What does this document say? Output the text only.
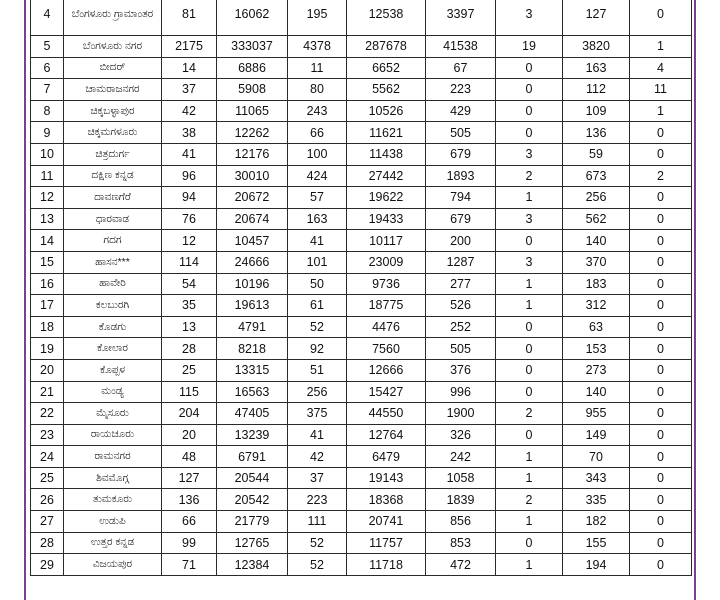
4	ಬೆಂಗಳೂರು ಗ್ರಾಮಾಂತರ	81	16062	195	12538	3397	3	127	0
5	ಬೆಂಗಳೂರು ನಗರ	2175	333037	4378	287678	41538	19	3820	1
6	ಬೀದರ್	14	6886	11	6652	67	0	163	4
7	ಚಾಮರಾಜನಗರ	37	5908	80	5562	223	0	112	11
8	ಚಿಕ್ಕಬಳ್ಳಾಪುರ	42	11065	243	10526	429	0	109	1
9	ಚಿಕ್ಕಮಗಳೂರು	38	12262	66	11621	505	0	136	0
10	ಚಿತ್ರದುರ್ಗ	41	12176	100	11438	679	3	59	0
11	ದಕ್ಷಿಣ ಕನ್ನಡ	96	30010	424	27442	1893	2	673	2
12	ದಾವಣಗೆರೆ	94	20672	57	19622	794	1	256	0
13	ಧಾರವಾಡ	76	20674	163	19433	679	3	562	0
14	ಗದಗ	12	10457	41	10117	200	0	140	0
15	ಹಾಸನ***	114	24666	101	23009	1287	3	370	0
16	ಹಾವೇರಿ	54	10196	50	9736	277	1	183	0
17	ಕಲಬುರಗಿ	35	19613	61	18775	526	1	312	0
18	ಕೊಡಗು	13	4791	52	4476	252	0	63	0
19	ಕೋಲಾರ	28	8218	92	7560	505	0	153	0
20	ಕೊಪ್ಪಳ	25	13315	51	12666	376	0	273	0
21	ಮಂಡ್ಯ	115	16563	256	15427	996	0	140	0
22	ಮೈಸೂರು	204	47405	375	44550	1900	2	955	0
23	ರಾಯಚೂರು	20	13239	41	12764	326	0	149	0
24	ರಾಮನಗರ	48	6791	42	6479	242	1	70	0
25	ಶಿವಮೊಗ್ಗ	127	20544	37	19143	1058	1	343	0
26	ತುಮಕೂರು	136	20542	223	18368	1839	2	335	0
27	ಉಡುಪಿ	66	21779	111	20741	856	1	182	0
28	ಉತ್ತರ ಕನ್ನಡ	99	12765	52	11757	853	0	155	0
29	ವಿಜಯಪುರ	71	12384	52	11718	472	1	194	0
